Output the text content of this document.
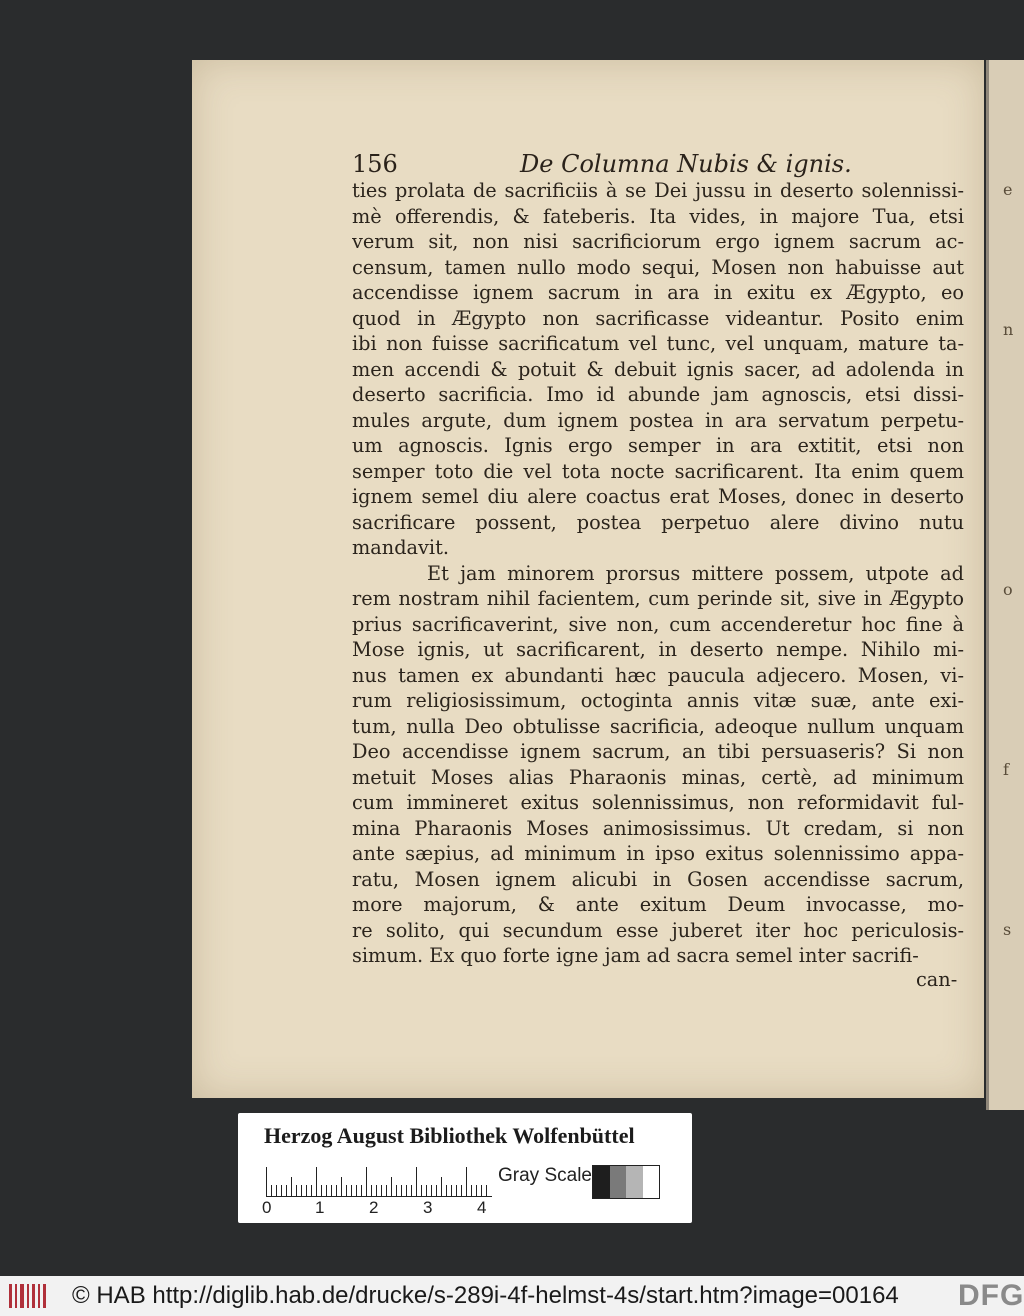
e
n
o
f
s
156	De Columna Nubis & ignis.
ties prolata de sacrificiis à se Dei jussu in deserto solennissi-
mè offerendis, & fateberis. Ita vides, in majore Tua, etsi
verum sit, non nisi sacrificiorum ergo ignem sacrum ac-
censum, tamen nullo modo sequi, Mosen non habuisse aut
accendisse ignem sacrum in ara in exitu ex Ægypto, eo
quod in Ægypto non sacrificasse videantur. Posito enim
ibi non fuisse sacrificatum vel tunc, vel unquam, mature ta-
men accendi & potuit & debuit ignis sacer, ad adolenda in
deserto sacrificia. Imo id abunde jam agnoscis, etsi dissi-
mules argute, dum ignem postea in ara servatum perpetu-
um agnoscis. Ignis ergo semper in ara extitit, etsi non
semper toto die vel tota nocte sacrificarent. Ita enim quem
ignem semel diu alere coactus erat Moses, donec in deserto
sacrificare possent, postea perpetuo alere divino nutu
mandavit.
Et jam minorem prorsus mittere possem, utpote ad
rem nostram nihil facientem, cum perinde sit, sive in Ægypto
prius sacrificaverint, sive non, cum accenderetur hoc fine à
Mose ignis, ut sacrificarent, in deserto nempe. Nihilo mi-
nus tamen ex abundanti hæc paucula adjecero. Mosen, vi-
rum religiosissimum, octoginta annis vitæ suæ, ante exi-
tum, nulla Deo obtulisse sacrificia, adeoque nullum unquam
Deo accendisse ignem sacrum, an tibi persuaseris? Si non
metuit Moses alias Pharaonis minas, certè, ad minimum
cum immineret exitus solennissimus, non reformidavit ful-
mina Pharaonis Moses animosissimus. Ut credam, si non
ante sæpius, ad minimum in ipso exitus solennissimo appa-
ratu, Mosen ignem alicubi in Gosen accendisse sacrum,
more majorum, & ante exitum Deum invocasse, mo-
re solito, qui secundum esse juberet iter hoc periculosis-
simum. Ex quo forte igne jam ad sacra semel inter sacrifi-
can-
Herzog August Bibliothek Wolfenbüttel
Gray Scale
0	1	2	3	4
© HAB http://diglib.hab.de/drucke/s-289i-4f-helmst-4s/start.htm?image=00164 DFG
